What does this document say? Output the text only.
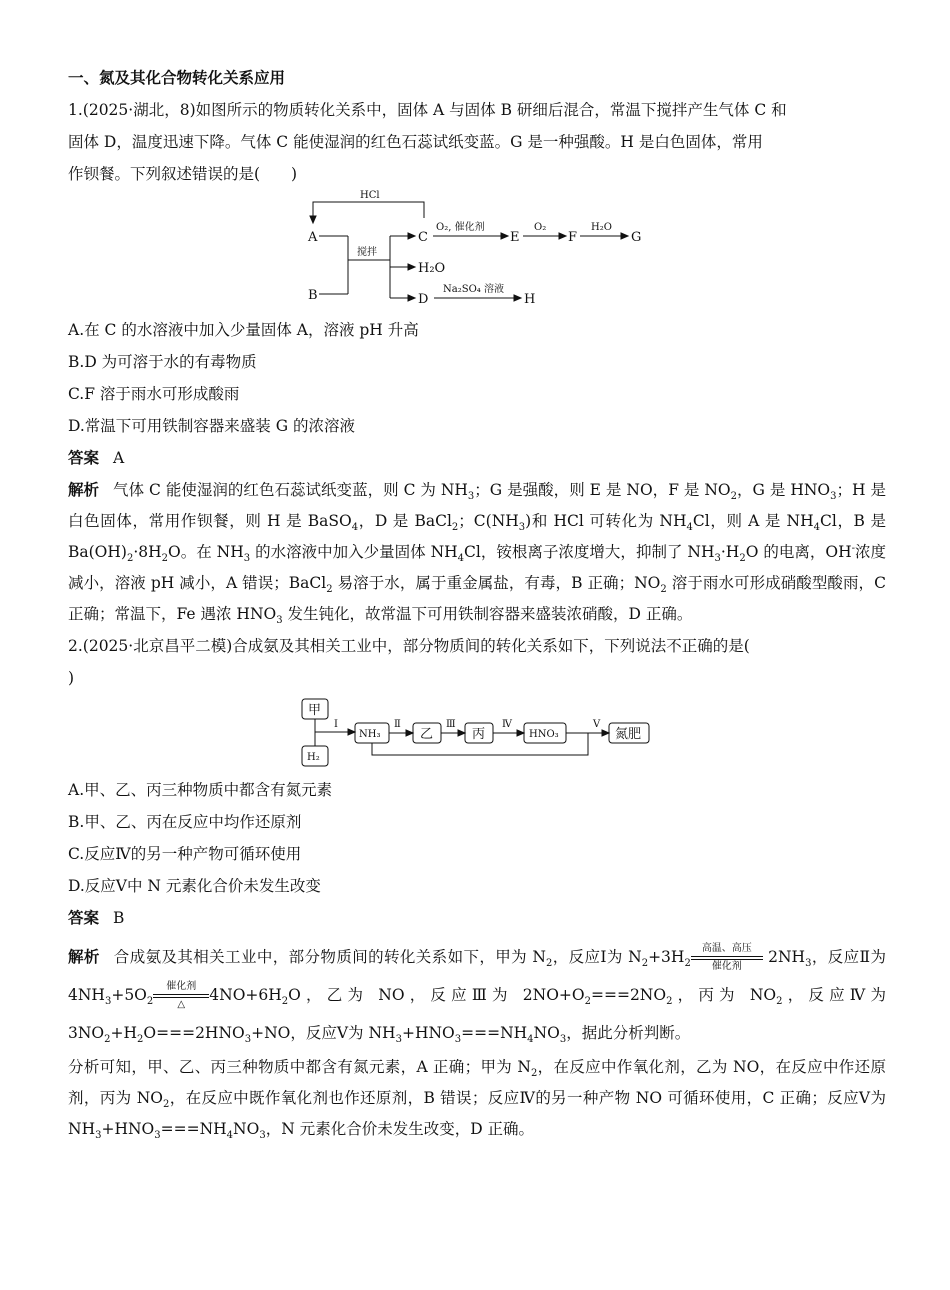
一、氮及其化合物转化关系应用
1.(2025·湖北，8)如图所示的物质转化关系中，固体 A 与固体 B 研细后混合，常温下搅拌产生气体 C 和
固体 D，温度迅速下降。气体 C 能使湿润的红色石蕊试纸变蓝。G 是一种强酸。H 是白色固体，常用
作钡餐。下列叙述错误的是(　　)
HCl
A
B
搅拌
C
H₂O
D
O₂, 催化剂
E
O₂
F
H₂O
G
Na₂SO₄ 溶液
H
A.在 C 的水溶液中加入少量固体 A，溶液 pH 升高
B.D 为可溶于水的有毒物质
C.F 溶于雨水可形成酸雨
D.常温下可用铁制容器来盛装 G 的浓溶液
答案 A
解析 气体 C 能使湿润的红色石蕊试纸变蓝，则 C 为 $NH_3$；G 是强酸，则 E 是 NO，F 是 $NO_2$，G 是 $HNO_3$；H 是白色固体，常用作钡餐，则 H 是 BaSO$_4$，D 是 BaCl$_2$；$C(NH_3)$和 HCl 可转化为 $NH_4Cl$，则 A 是 $NH_4Cl$，B 是 $Ba(OH)_2\cdot 8H_2O$。在 $NH_3$ 的水溶液中加入少量固体 $NH_4Cl$，铵根离子浓度增大，抑制了 $NH_3\cdot H_2O$ 的电离，OH-浓度减小，溶液 pH 减小，A 错误；BaCl$_2$ 易溶于水，属于重金属盐，有毒，B 正确；$NO_2$ 溶于雨水可形成硝酸型酸雨，C 正确；常温下，Fe 遇浓 $HNO_3$ 发生钝化，故常温下可用铁制容器来盛装浓硝酸，D 正确。
2.(2025·北京昌平二模)合成氨及其相关工业中，部分物质间的转化关系如下，下列说法不正确的是(
)
甲
H₂
I
NH₃
Ⅱ
乙
Ⅲ
丙
Ⅳ
HNO₃
V
氮肥
A.甲、乙、丙三种物质中都含有氮元素
B.甲、乙、丙在反应中均作还原剂
C.反应Ⅳ的另一种产物可循环使用
D.反应Ⅴ中 N 元素化合价未发生改变
答案 B
解析 合成氨及其相关工业中，部分物质间的转化关系如下，甲为 $N_2$，反应Ⅰ为 $N_2+3H_2$
高温、高压
催化剂
$2NH_3$，反应Ⅱ为 $4NH_3+5O_2$
催化剂
△
$4NO+6H_2O$，乙为 NO，反应Ⅲ为 $2NO+O_2===2NO_2$，丙为 $NO_2$，反应Ⅳ为 $3NO_2+H_2O===2HNO_3+NO$，反应Ⅴ为 $NH_3+HNO_3===NH_4NO_3$，据此分析判断。
分析可知，甲、乙、丙三种物质中都含有氮元素，A 正确；甲为 $N_2$，在反应中作氧化剂，乙为 NO，在反应中作还原剂，丙为 $NO_2$，在反应中既作氧化剂也作还原剂，B 错误；反应Ⅳ的另一种产物 NO 可循环使用，C 正确；反应Ⅴ为 $NH_3+HNO_3===NH_4NO_3$，N 元素化合价未发生改变，D 正确。
